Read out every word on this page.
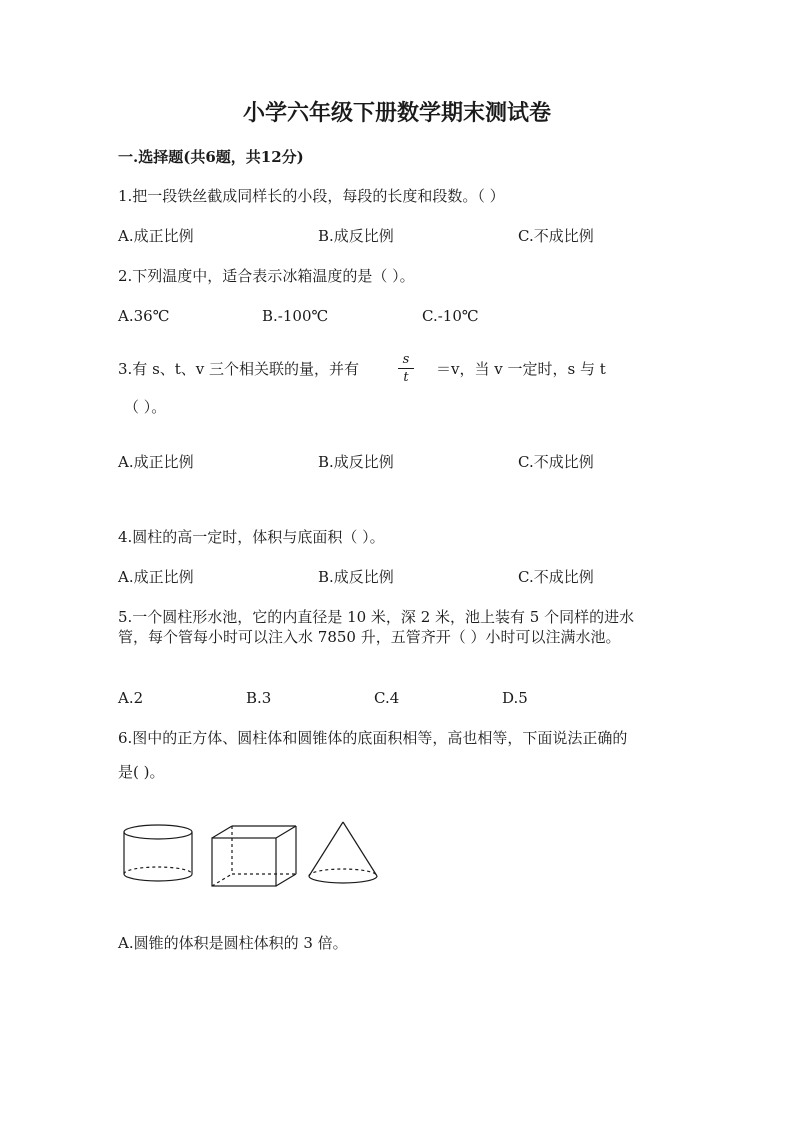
小学六年级下册数学期末测试卷
一.选择题(共6题，共12分)
1.把一段铁丝截成同样长的小段，每段的长度和段数。（ ）
A.成正比例	B.成反比例	C.不成比例
2.下列温度中，适合表示冰箱温度的是（ ）。
A.36℃	B.-100℃	C.-10℃
3.有 s、t、v 三个相关联的量，并有
s
t	＝v，当 v 一定时，s 与 t
（ ）。
A.成正比例	B.成反比例	C.不成比例
4.圆柱的高一定时，体积与底面积（ ）。
A.成正比例	B.成反比例	C.不成比例
5.一个圆柱形水池，它的内直径是 10 米，深 2 米，池上装有 5 个同样的进水
管，每个管每小时可以注入水 7850 升，五管齐开（ ）小时可以注满水池。
A.2	B.3	C.4	D.5
6.图中的正方体、圆柱体和圆锥体的底面积相等，高也相等，下面说法正确的
是( )。
A.圆锥的体积是圆柱体积的 3 倍。
